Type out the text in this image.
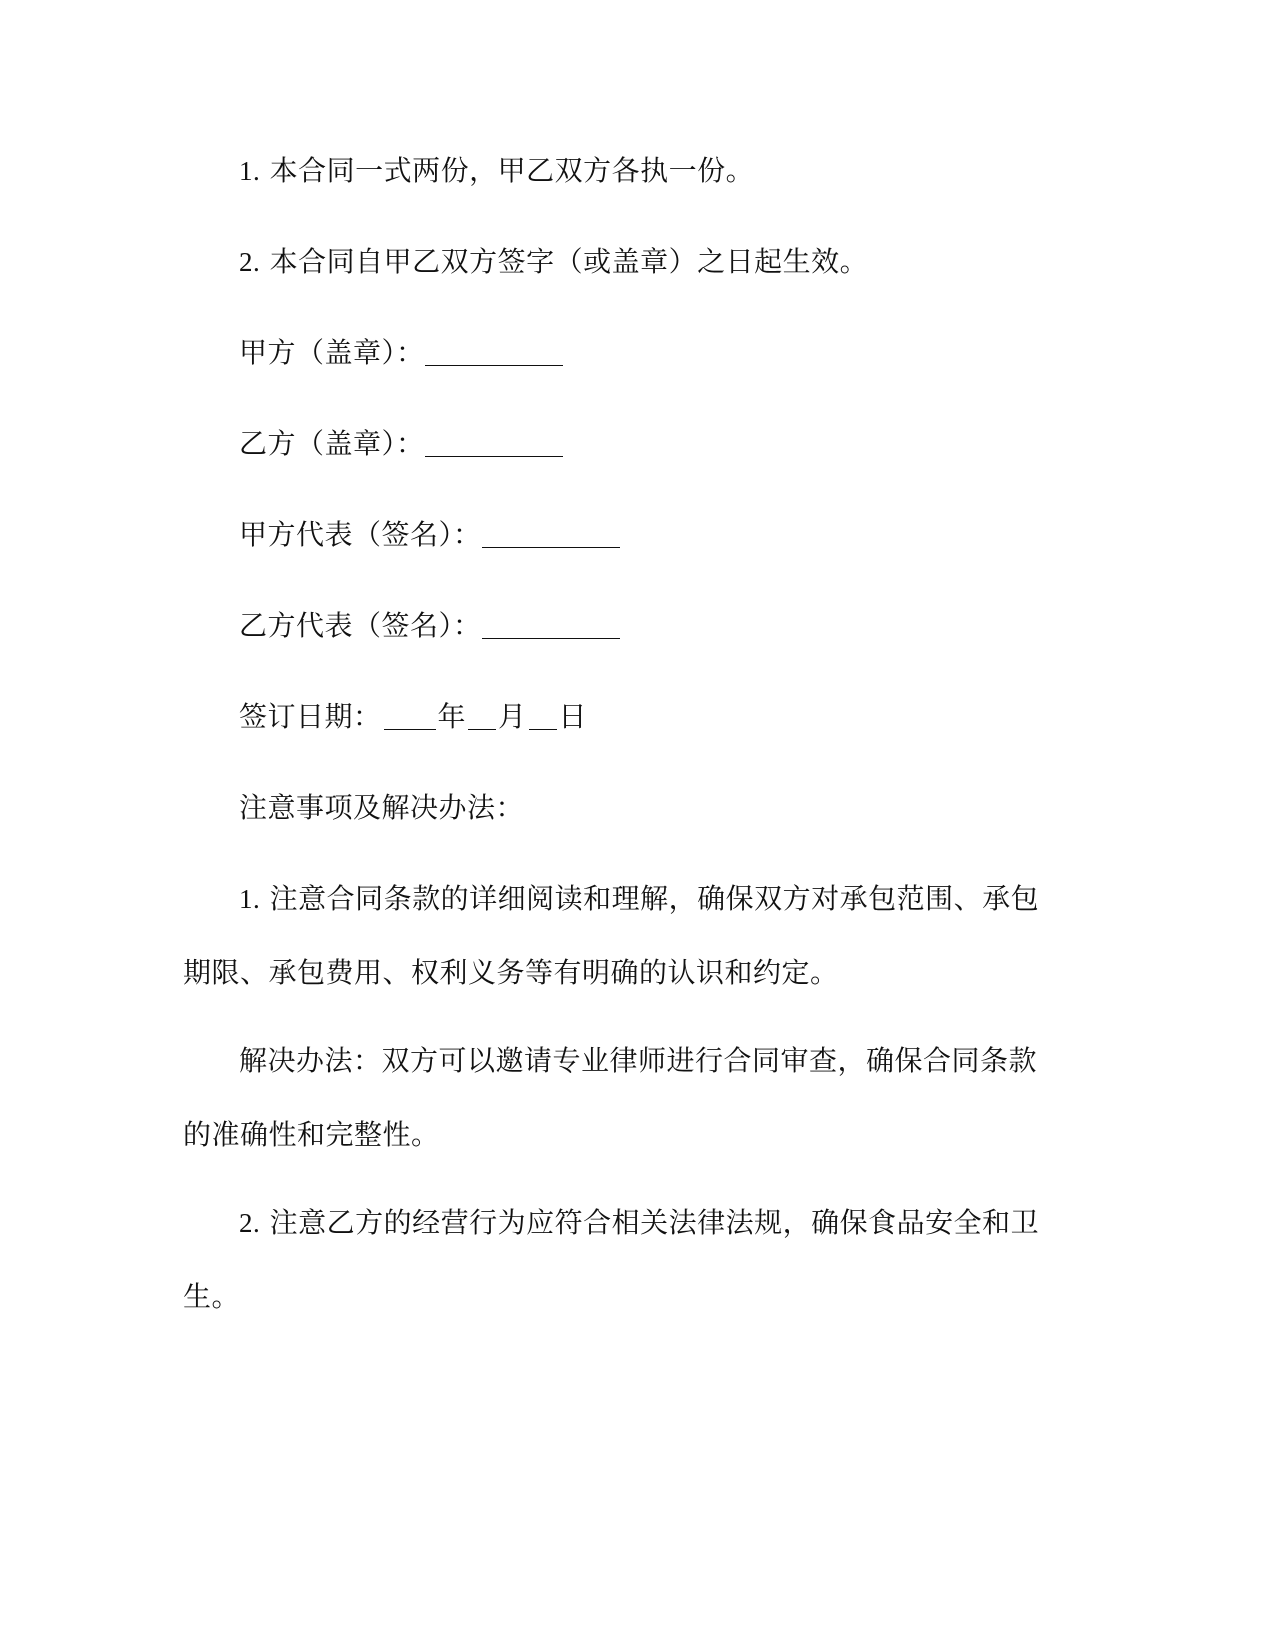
1. 本合同一式两份，甲乙双方各执一份。

2. 本合同自甲乙双方签字（或盖章）之日起生效。

甲方（盖章）：

乙方（盖章）：

甲方代表（签名）：

乙方代表（签名）：

签订日期： 年 月 日

注意事项及解决办法：

1. 注意合同条款的详细阅读和理解，确保双方对承包范围、承包期限、承包费用、权利义务等有明确的认识和约定。

解决办法：双方可以邀请专业律师进行合同审查，确保合同条款的准确性和完整性。

2. 注意乙方的经营行为应符合相关法律法规，确保食品安全和卫生。
